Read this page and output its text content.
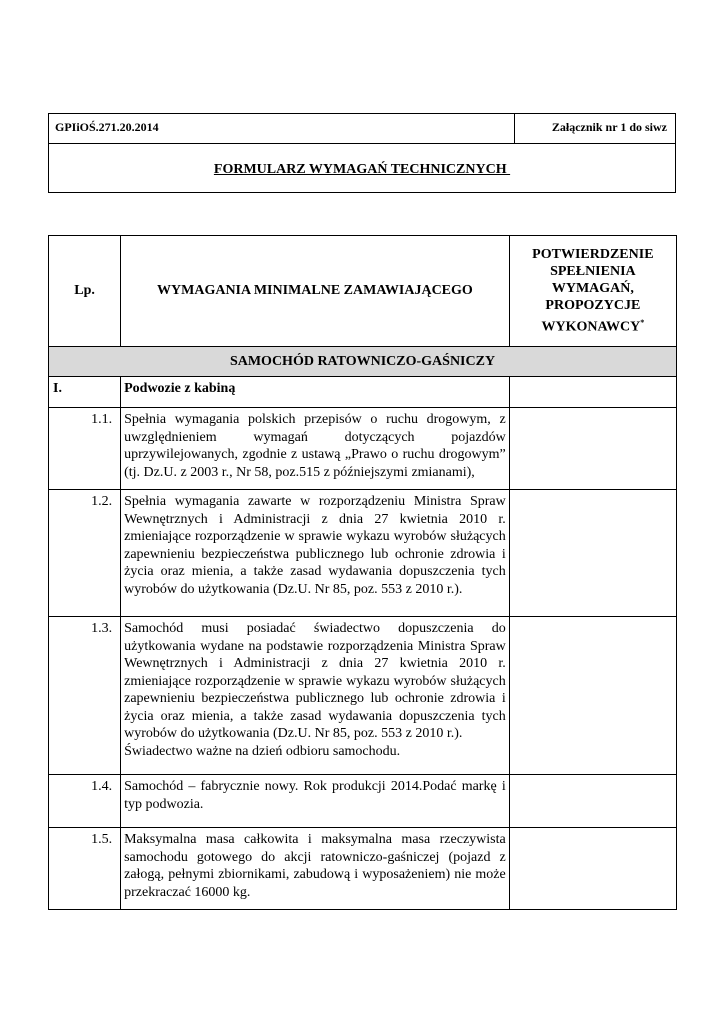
GPIiOŚ.271.20.2014	Załącznik nr 1 do siwz
FORMULARZ WYMAGAŃ TECHNICZNYCH
Lp.	WYMAGANIA MINIMALNE ZAMAWIAJĄCEGO	POTWIERDZENIE SPEŁNIENIA WYMAGAŃ, PROPOZYCJE WYKONAWCY*
SAMOCHÓD RATOWNICZO-GAŚNICZY		
I.	Podwozie z kabiną	
1.1.	Spełnia wymagania polskich przepisów o ruchu drogowym, z uwzględnieniem wymagań dotyczących pojazdów uprzywilejowanych, zgodnie z ustawą „Prawo o ruchu drogowym” (tj. Dz.U. z 2003 r., Nr 58, poz.515 z późniejszymi zmianami),	

1.2.	Spełnia wymagania zawarte w rozporządzeniu Ministra Spraw Wewnętrznych i Administracji z dnia 27 kwietnia 2010 r. zmieniające rozporządzenie w sprawie wykazu wyrobów służących zapewnieniu bezpieczeństwa publicznego lub ochronie zdrowia i życia oraz mienia, a także zasad wydawania dopuszczenia tych wyrobów do użytkowania (Dz.U. Nr 85, poz. 553 z 2010 r.).	

1.3.	Samochód musi posiadać świadectwo dopuszczenia do użytkowania wydane na podstawie rozporządzenia Ministra Spraw Wewnętrznych i Administracji z dnia 27 kwietnia 2010 r. zmieniające rozporządzenie w sprawie wykazu wyrobów służących zapewnieniu bezpieczeństwa publicznego lub ochronie zdrowia i życia oraz mienia, a także zasad wydawania dopuszczenia tych wyrobów do użytkowania (Dz.U. Nr 85, poz. 553 z 2010 r.).

Świadectwo ważne na dzień odbioru samochodu.	

1.4.	Samochód – fabrycznie nowy. Rok produkcji 2014.Podać markę i typ podwozia.	

1.5.	Maksymalna masa całkowita i maksymalna masa rzeczywista samochodu gotowego do akcji ratowniczo-gaśniczej (pojazd z załogą, pełnymi zbiornikami, zabudową i wyposażeniem) nie może przekraczać 16000 kg.	
